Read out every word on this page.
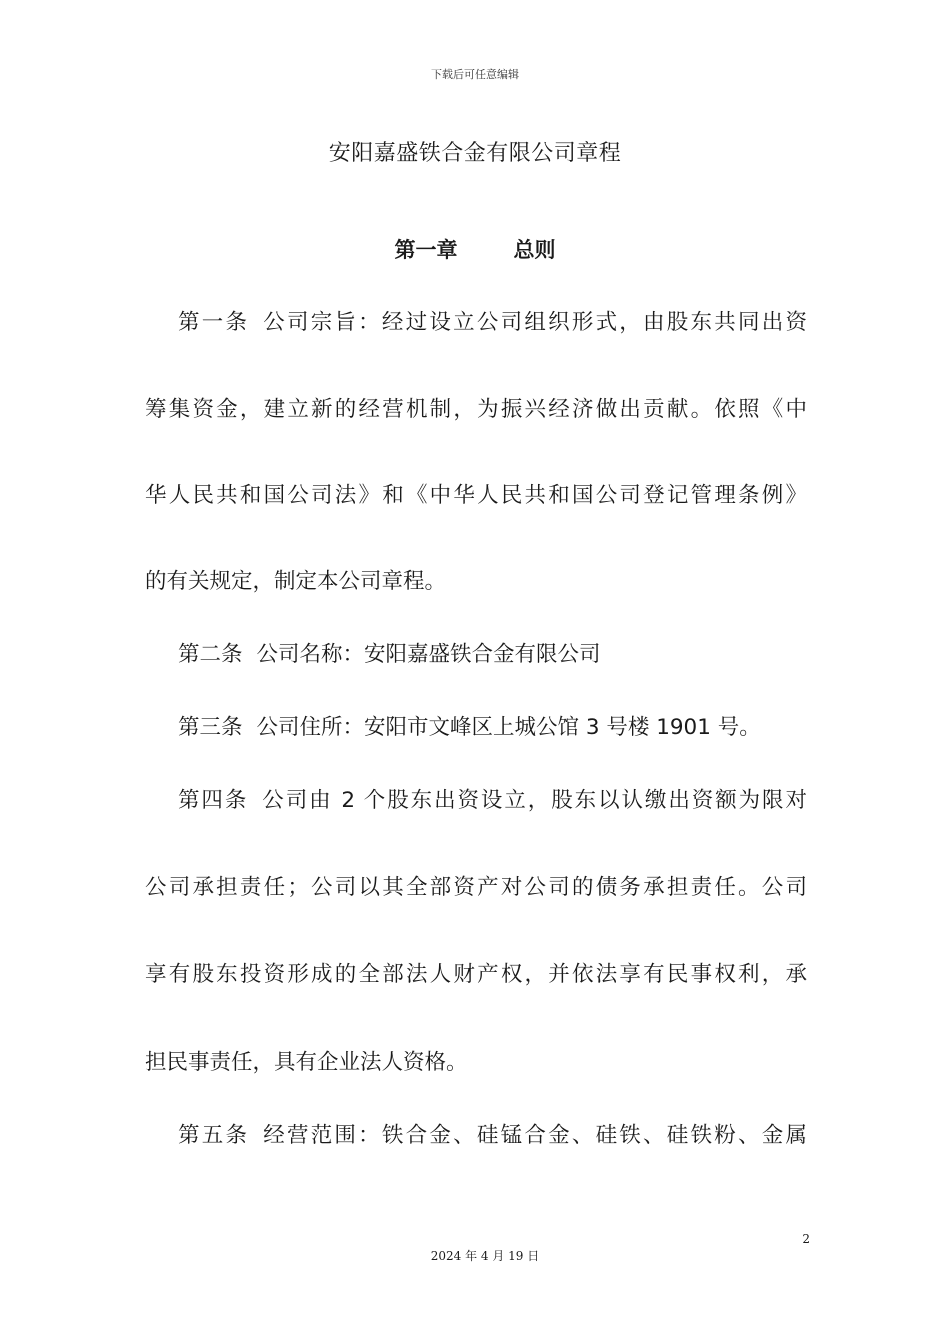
下载后可任意编辑
安阳嘉盛铁合金有限公司章程
第一章	总则
第一条 公司宗旨：经过设立公司组织形式，由股东共同出资
筹集资金，建立新的经营机制，为振兴经济做出贡献。依照《中
华人民共和国公司法》和《中华人民共和国公司登记管理条例》
的有关规定，制定本公司章程。
第二条 公司名称：安阳嘉盛铁合金有限公司
第三条 公司住所：安阳市文峰区上城公馆 3 号楼 1901 号。
第四条 公司由 2 个股东出资设立，股东以认缴出资额为限对
公司承担责任；公司以其全部资产对公司的债务承担责任。公司
享有股东投资形成的全部法人财产权，并依法享有民事权利，承
担民事责任，具有企业法人资格。
第五条 经营范围：铁合金、硅锰合金、硅铁、硅铁粉、金属
2
2024 年 4 月 19 日
